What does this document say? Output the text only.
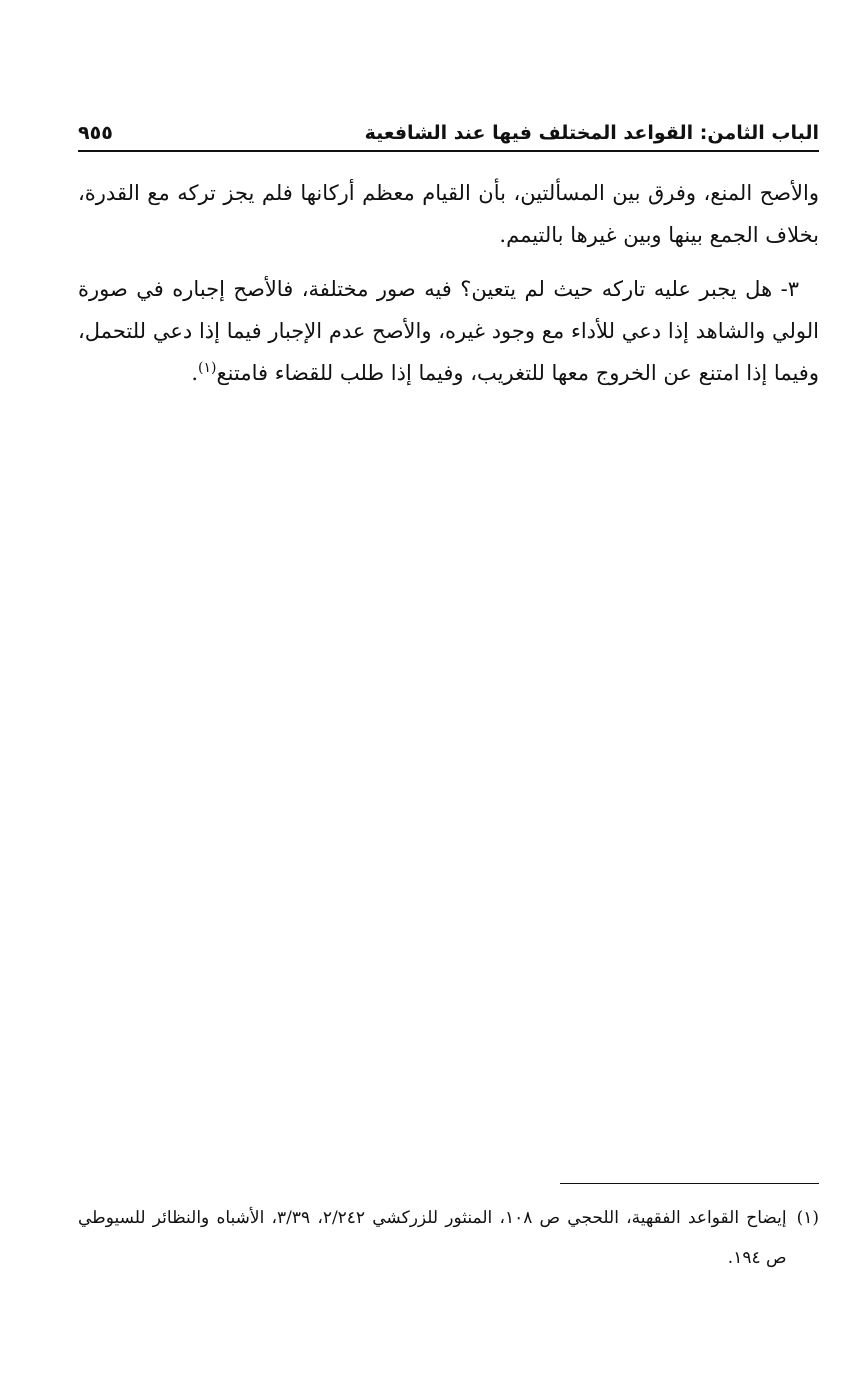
الباب الثامن: القواعد المختلف فيها عند الشافعية
٩٥٥

والأصح المنع، وفرق بين المسألتين، بأن القيام معظم أركانها فلم يجز تركه مع القدرة، بخلاف الجمع بينها وبين غيرها بالتيمم.

٣- هل يجبر عليه تاركه حيث لم يتعين؟ فيه صور مختلفة، فالأصح إجباره في صورة الولي والشاهد إذا دعي للأداء مع وجود غيره، والأصح عدم الإجبار فيما إذا دعي للتحمل، وفيما إذا امتنع عن الخروج معها للتغريب، وفيما إذا طلب للقضاء فامتنع$^{(١)}$.

(١)
إيضاح القواعد الفقهية، اللحجي ص ١٠٨، المنثور للزركشي ٢/٢٤٢، ٣/٣٩، الأشباه والنظائر للسيوطي ص ١٩٤.
